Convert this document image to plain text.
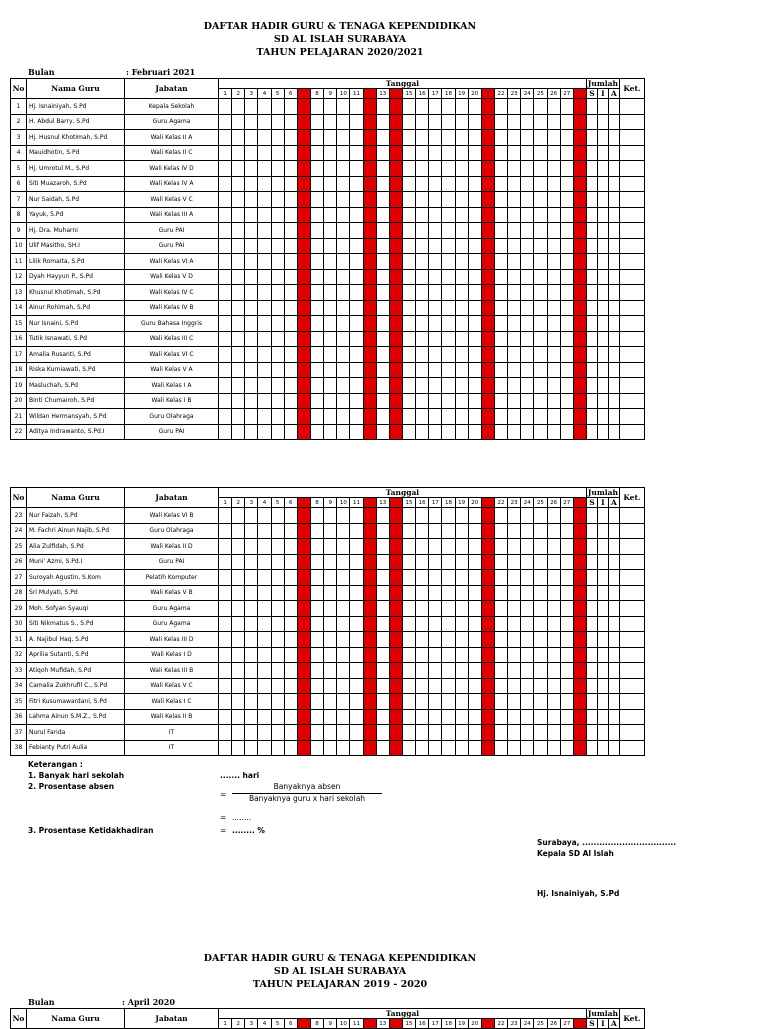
DAFTAR HADIR GURU & TENAGA KEPENDIDIKAN
SD AL ISLAH SURABAYA
TAHUN PELAJARAN 2020/2021
Bulan	: Februari 2021
No	Nama Guru	Jabatan	Tanggal																												Jumlah			Ket.
			1	2	3	4	5	6		8	9	10	11		13		15	16	17	18	19	20		22	23	24	25	26	27		S	I	A	
1	Hj. Isnainiyah, S.Pd	Kepala Sekolah																																
2	H. Abdul Barry, S.Pd	Guru Agama																																
3	Hj. Husnul Khotimah, S.Pd	Wali Kelas II A																																
4	Mauidhotin, S.Pd	Wali Kelas II C																																
5	Hj. Umrotul M., S.Pd	Wali Kelas IV D																																
6	Siti Muazaroh, S.Pd	Wali Kelas IV A																																
7	Nur Saidah, S.Pd	Wali Kelas V C																																
8	Yayuk, S.Pd	Wali Kelas III A																																
9	Hj. Dra. Muharni	Guru PAI																																
10	Ulif Masitho, SH.I	Guru PAI																																
11	Lilik Romaita, S.Pd	Wali Kelas VI A																																
12	Dyah Hayyun P., S.Pd	Wali Kelas V D																																
13	Khusnul Khotimah, S.Pd	Wali Kelas IV C																																
14	Ainur Rohimah, S.Pd	Wali Kelas IV B																																
15	Nur Isnaini, S.Pd	Guru Bahasa Inggris																																
16	Tutik Isnawati, S.Pd	Wali Kelas III C																																
17	Amalia Rusanti, S.Pd	Wali Kelas VI C																																
18	Riska Kurniawati, S.Pd	Wali Kelas V A																																
19	Masluchah, S.Pd	Wali Kelas I A																																
20	Binti Chumairoh, S.Pd	Wali Kelas I B																																
21	Wildan Hermansyah, S.Pd	Guru Olahraga																																
22	Aditya Indrawanto, S.Pd.I	Guru PAI																																
No	Nama Guru	Jabatan	Tanggal																												Jumlah			Ket.
			1	2	3	4	5	6		8	9	10	11		13		15	16	17	18	19	20		22	23	24	25	26	27		S	I	A	
23	Nur Faizah, S.Pd	Wali Kelas VI B																																
24	M. Fachri Ainun Najib, S.Pd	Guru Olahraga																																
25	Alia Zulfidah, S.Pd	Wali Kelas II D																																
26	Muni' Azmi, S.Pd.I	Guru PAI																																
27	Suroyah Agustin, S.Kom	Pelatih Komputer																																
28	Sri Mulyati, S.Pd	Wali Kelas V B																																
29	Moh. Sofyan Syauqi	Guru Agama																																
30	Siti Nikmatus S., S.Pd	Guru Agama																																
31	A. Najibul Haq, S.Pd	Wali Kelas III D																																
32	Aprilia Sutanti, S.Pd	Wali Kelas I D																																
33	Atiqoh Mufidah, S.Pd	Wali Kelas III B																																
34	Camalia Zukhrufil C., S.Pd	Wali Kelas V C																																
35	Fitri Kusumawardani, S.Pd	Wali Kelas I C																																
36	Lahma Ainun S.M.Z., S.Pd	Wali Kelas II B																																
37	Nurul Farida	IT																																
38	Febianty Putri Aulia	IT																																
Keterangan :
1. Banyak hari sekolah	....... hari
2. Prosentase absen
=
Banyaknya absen
Banyaknya guru x hari sekolah
= ........
3. Prosentase Ketidakhadiran	= ........ %
Surabaya, .................................
Kepala SD Al Islah
Hj. Isnainiyah, S.Pd
DAFTAR HADIR GURU & TENAGA KEPENDIDIKAN
SD AL ISLAH SURABAYA
TAHUN PELAJARAN 2019 - 2020
Bulan	: April 2020
No	Nama Guru	Jabatan	Tanggal																												Jumlah			Ket.
			1	2	3	4	5	6		8	9	10	11		13		15	16	17	18	19	20		22	23	24	25	26	27		S	I	A	
